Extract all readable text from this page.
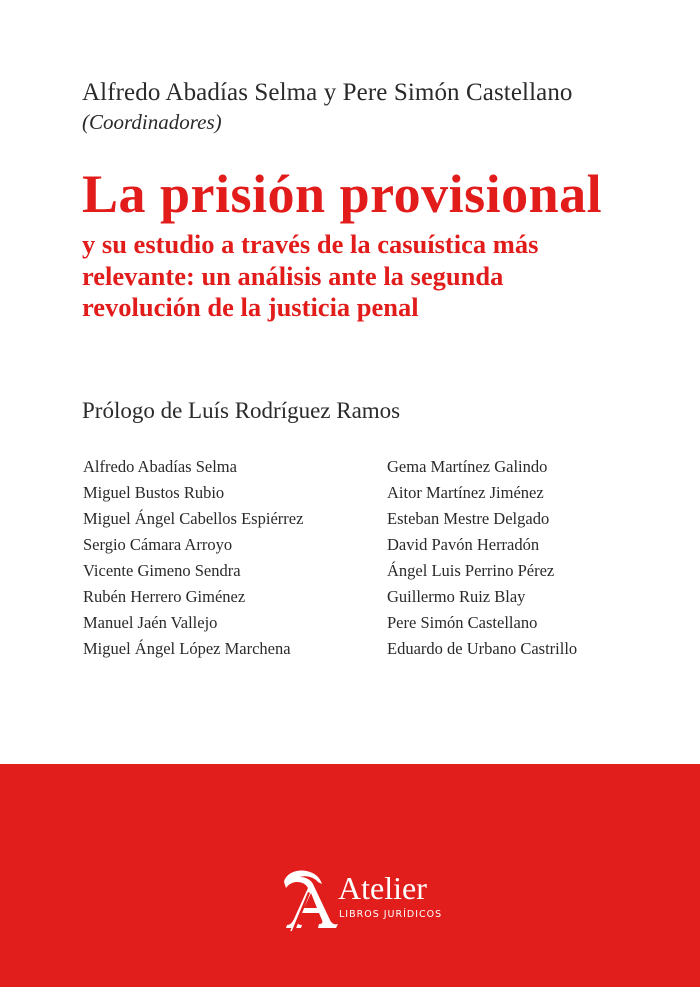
Alfredo Abadías Selma y Pere Simón Castellano
(Coordinadores)
La prisión provisional
y su estudio a través de la casuística más
relevante: un análisis ante la segunda
revolución de la justicia penal
Prólogo de Luís Rodríguez Ramos
Alfredo Abadías Selma
Miguel Bustos Rubio
Miguel Ángel Cabellos Espiérrez
Sergio Cámara Arroyo
Vicente Gimeno Sendra
Rubén Herrero Giménez
Manuel Jaén Vallejo
Miguel Ángel López Marchena
Gema Martínez Galindo
Aitor Martínez Jiménez
Esteban Mestre Delgado
David Pavón Herradón
Ángel Luis Perrino Pérez
Guillermo Ruiz Blay
Pere Simón Castellano
Eduardo de Urbano Castrillo
Atelier
LIBROS JURÍDICOS
